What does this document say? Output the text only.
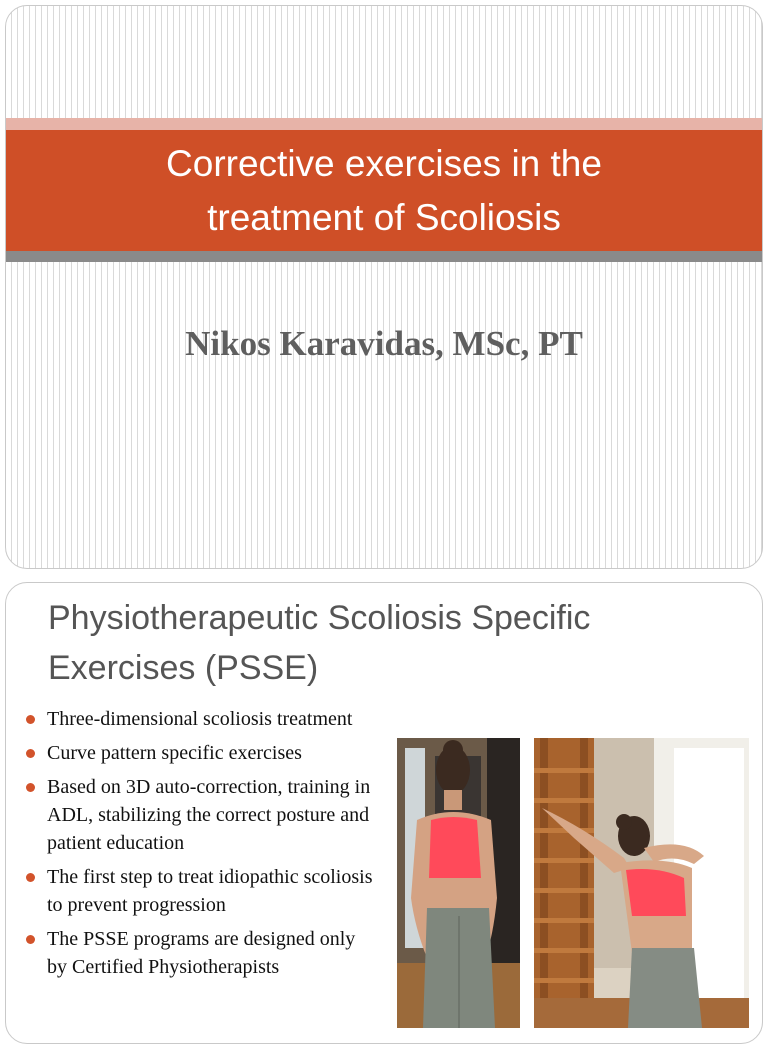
Corrective exercises in the
treatment of Scoliosis
Nikos Karavidas, MSc, PT
Physiotherapeutic Scoliosis Specific
Exercises (PSSE)
Three-dimensional scoliosis treatment
Curve pattern specific exercises
Based on 3D auto-correction, training in ADL, stabilizing the correct posture and patient education
The first step to treat idiopathic scoliosis to prevent progression
The PSSE programs are designed only by Certified Physiotherapists
